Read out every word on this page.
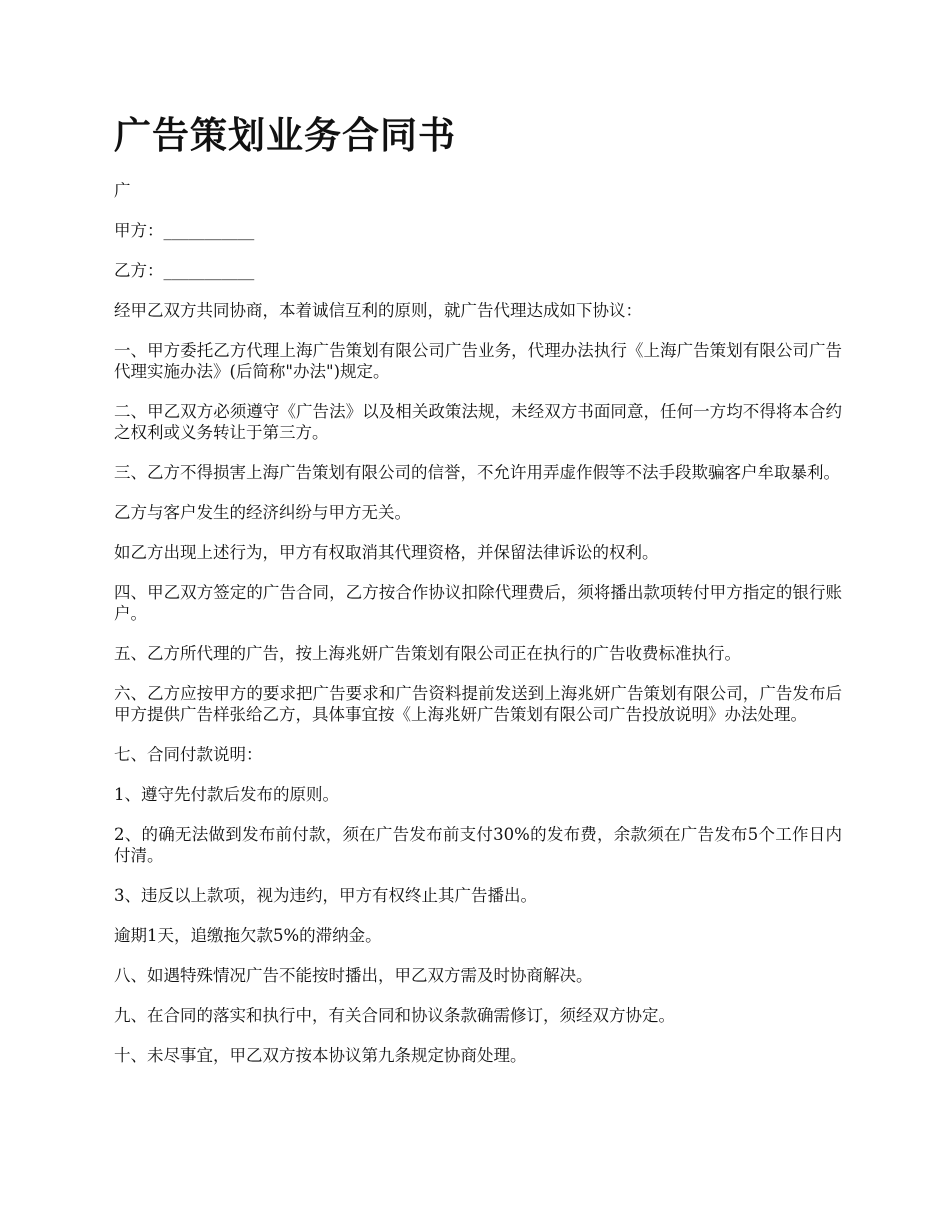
广告策划业务合同书

广

甲方：___________

乙方：___________

经甲乙双方共同协商，本着诚信互利的原则，就广告代理达成如下协议：

一、甲方委托乙方代理上海广告策划有限公司广告业务，代理办法执行《上海广告策划有限公司广告代理实施办法》(后简称"办法")规定。

二、甲乙双方必须遵守《广告法》以及相关政策法规，未经双方书面同意，任何一方均不得将本合约之权利或义务转让于第三方。

三、乙方不得损害上海广告策划有限公司的信誉，不允许用弄虚作假等不法手段欺骗客户牟取暴利。

乙方与客户发生的经济纠纷与甲方无关。

如乙方出现上述行为，甲方有权取消其代理资格，并保留法律诉讼的权利。

四、甲乙双方签定的广告合同，乙方按合作协议扣除代理费后，须将播出款项转付甲方指定的银行账户。

五、乙方所代理的广告，按上海兆妍广告策划有限公司正在执行的广告收费标准执行。

六、乙方应按甲方的要求把广告要求和广告资料提前发送到上海兆妍广告策划有限公司，广告发布后甲方提供广告样张给乙方，具体事宜按《上海兆妍广告策划有限公司广告投放说明》办法处理。

七、合同付款说明：

1、遵守先付款后发布的原则。

2、的确无法做到发布前付款，须在广告发布前支付30%的发布费，余款须在广告发布5个工作日内付清。

3、违反以上款项，视为违约，甲方有权终止其广告播出。

逾期1天，追缴拖欠款5%的滞纳金。

八、如遇特殊情况广告不能按时播出，甲乙双方需及时协商解决。

九、在合同的落实和执行中，有关合同和协议条款确需修订，须经双方协定。

十、未尽事宜，甲乙双方按本协议第九条规定协商处理。
